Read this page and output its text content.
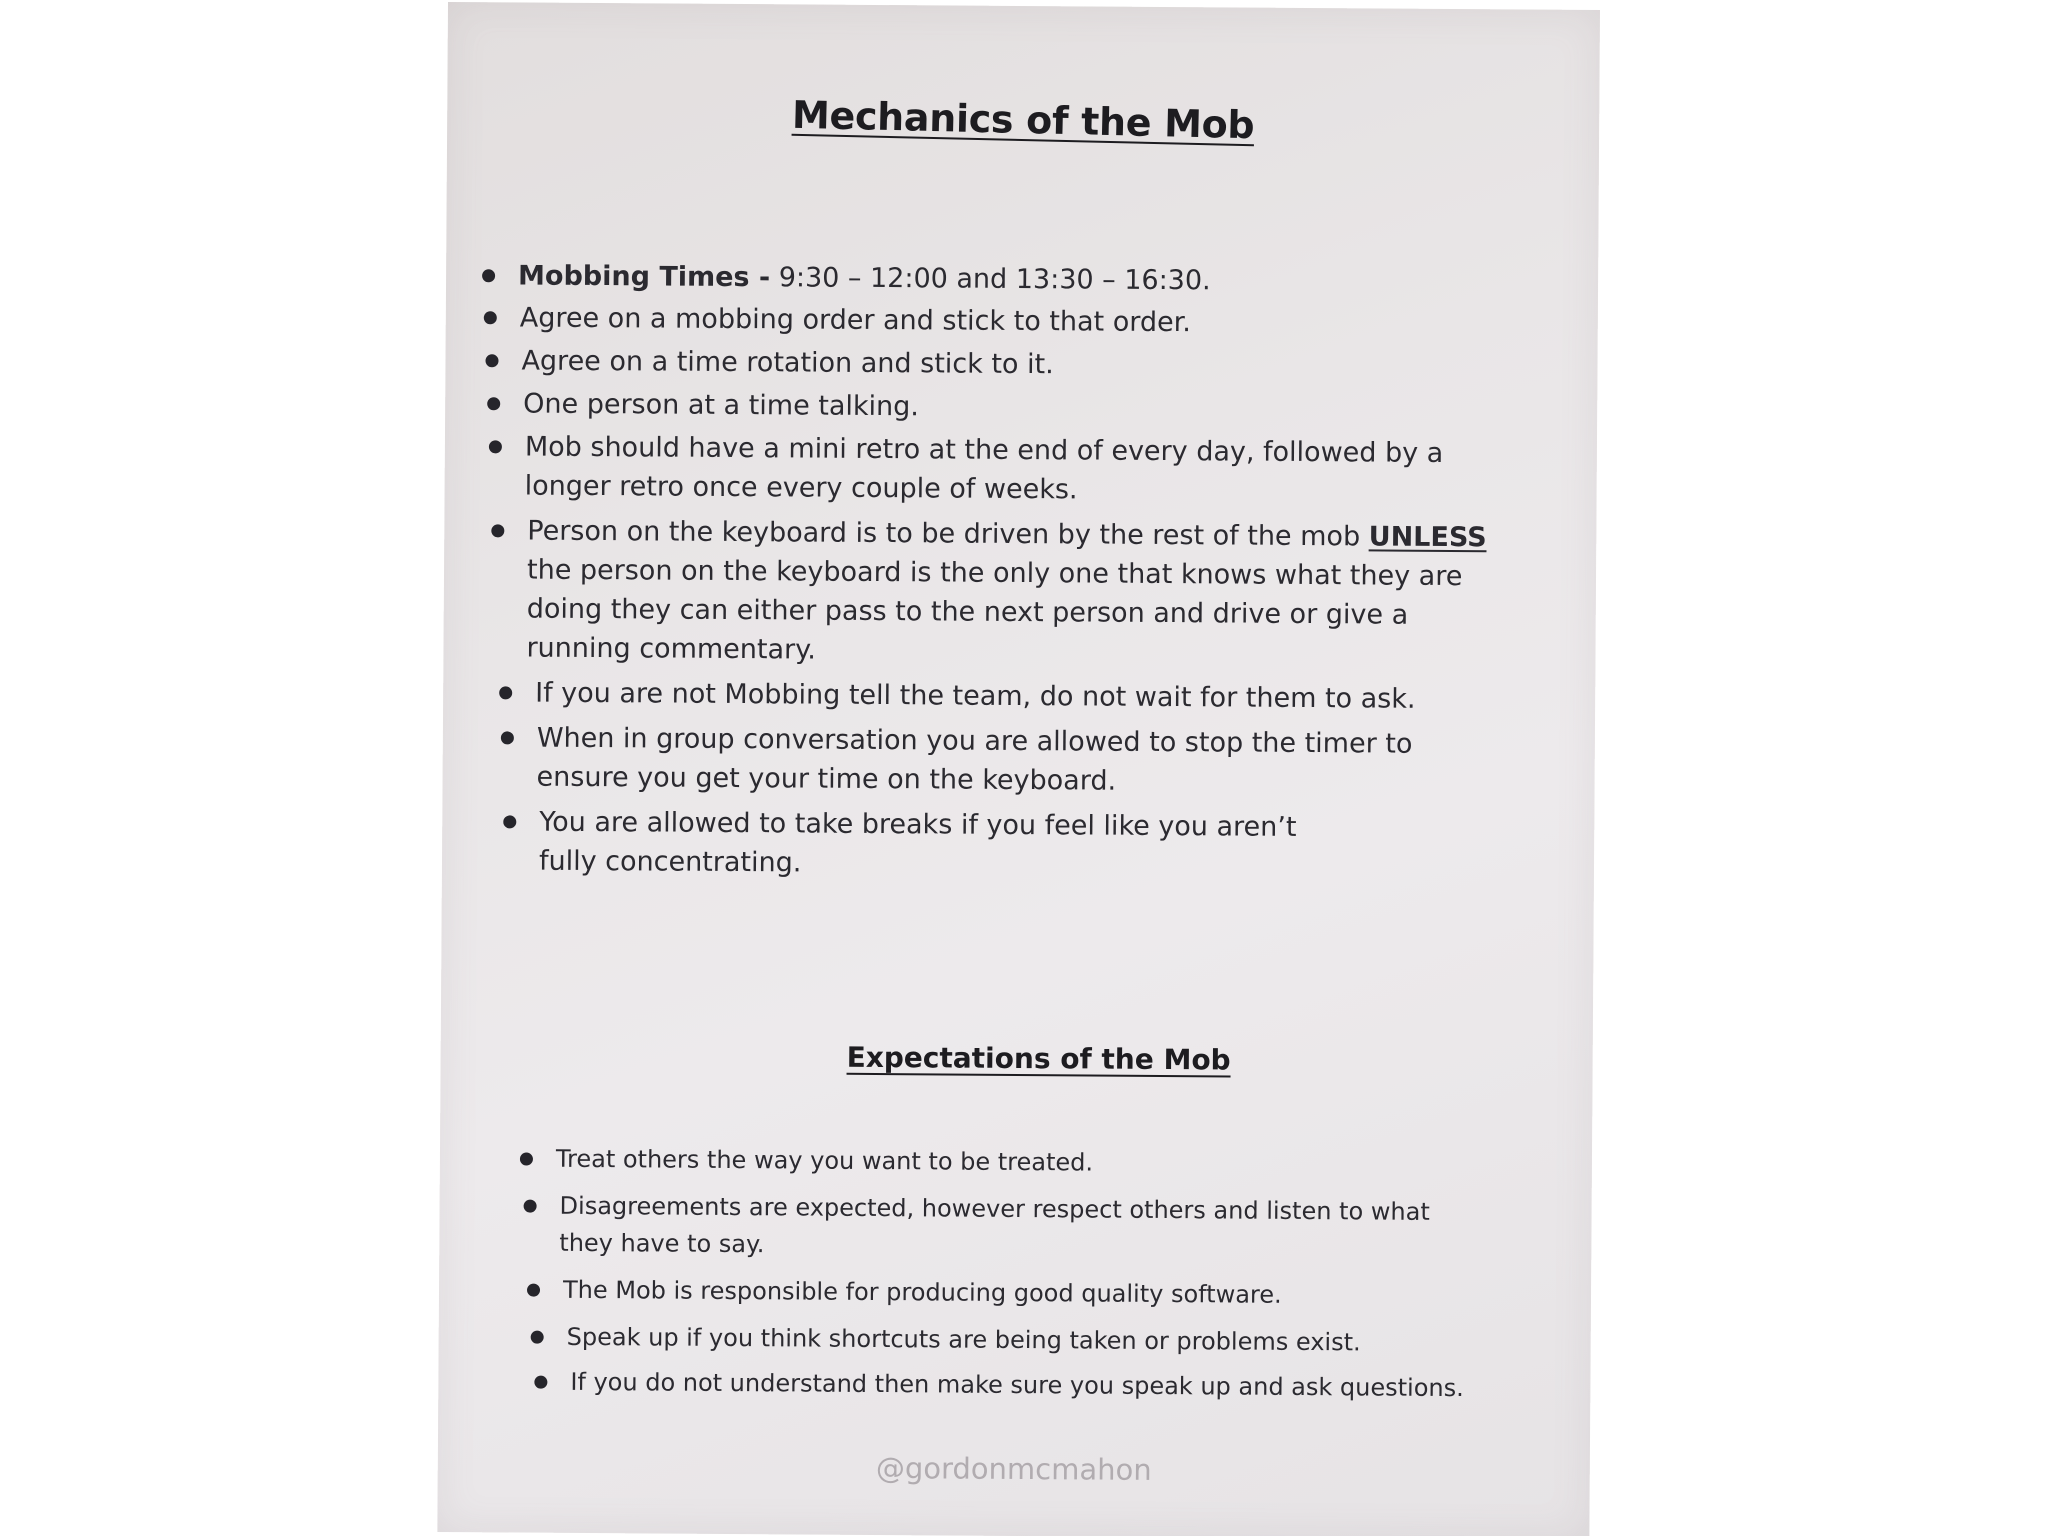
Mechanics of the Mob
Mobbing Times - 9:30 – 12:00 and 13:30 – 16:30.
Agree on a mobbing order and stick to that order.
Agree on a time rotation and stick to it.
One person at a time talking.
Mob should have a mini retro at the end of every day, followed by a longer retro once every couple of weeks.
Person on the keyboard is to be driven by the rest of the mob UNLESS the person on the keyboard is the only one that knows what they are doing they can either pass to the next person and drive or give a running commentary.
If you are not Mobbing tell the team, do not wait for them to ask.
When in group conversation you are allowed to stop the timer to ensure you get your time on the keyboard.
You are allowed to take breaks if you feel like you aren’t fully concentrating.
Expectations of the Mob
Treat others the way you want to be treated.
Disagreements are expected, however respect others and listen to what they have to say.
The Mob is responsible for producing good quality software.
Speak up if you think shortcuts are being taken or problems exist.
If you do not understand then make sure you speak up and ask questions.
@gordonmcmahon
